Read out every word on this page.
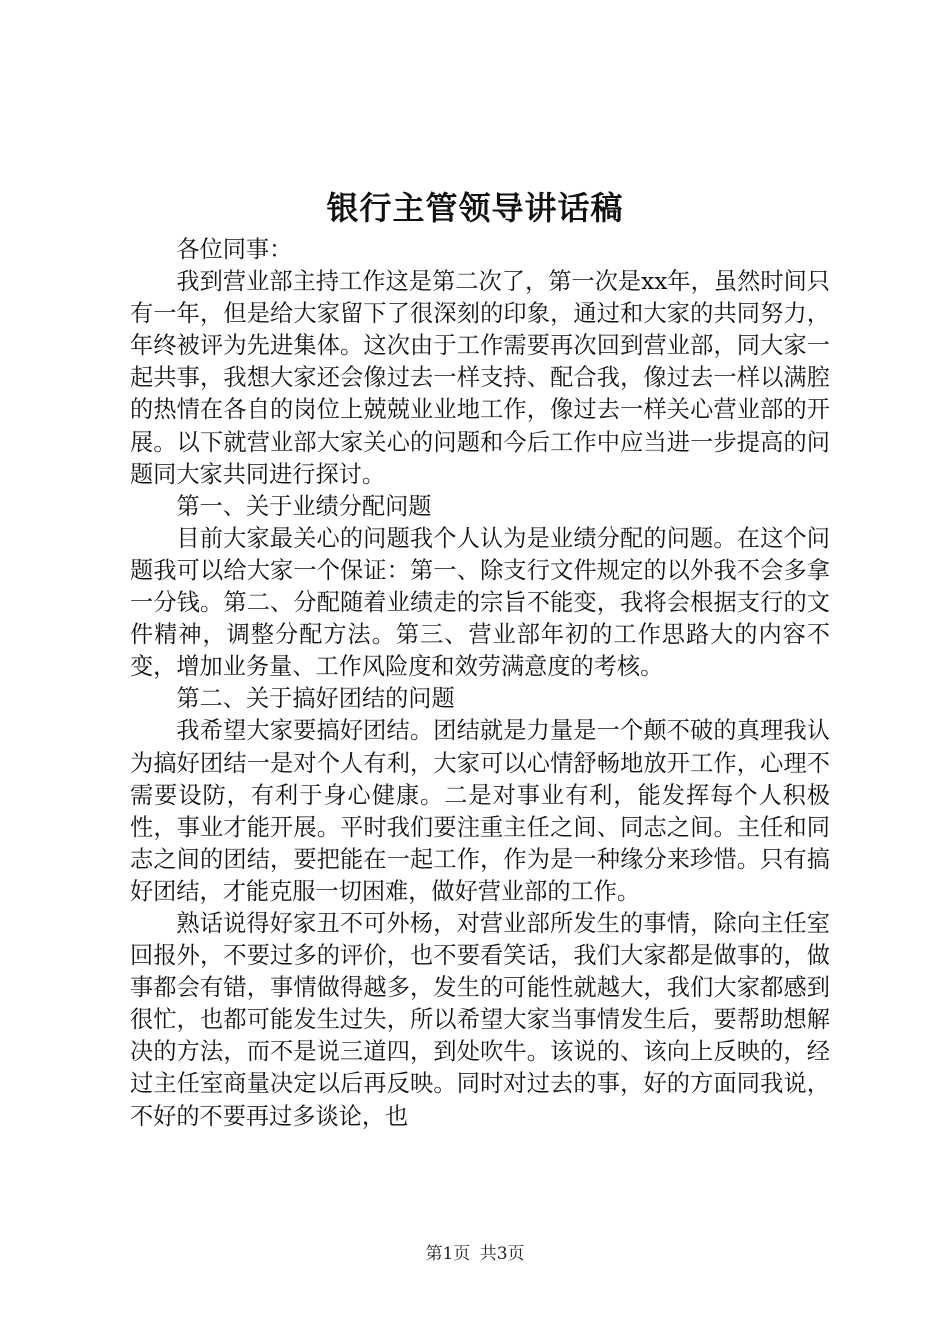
银行主管领导讲话稿

各位同事：

我到营业部主持工作这是第二次了，第一次是xx年，虽然时间只有一年，但是给大家留下了很深刻的印象，通过和大家的共同努力，年终被评为先进集体。这次由于工作需要再次回到营业部，同大家一起共事，我想大家还会像过去一样支持、配合我，像过去一样以满腔的热情在各自的岗位上兢兢业业地工作，像过去一样关心营业部的开展。以下就营业部大家关心的问题和今后工作中应当进一步提高的问题同大家共同进行探讨。

第一、关于业绩分配问题

目前大家最关心的问题我个人认为是业绩分配的问题。在这个问题我可以给大家一个保证：第一、除支行文件规定的以外我不会多拿一分钱。第二、分配随着业绩走的宗旨不能变，我将会根据支行的文件精神，调整分配方法。第三、营业部年初的工作思路大的内容不变，增加业务量、工作风险度和效劳满意度的考核。

第二、关于搞好团结的问题

我希望大家要搞好团结。团结就是力量是一个颠不破的真理我认为搞好团结一是对个人有利，大家可以心情舒畅地放开工作，心理不需要设防，有利于身心健康。二是对事业有利，能发挥每个人积极性，事业才能开展。平时我们要注重主任之间、同志之间。主任和同志之间的团结，要把能在一起工作，作为是一种缘分来珍惜。只有搞好团结，才能克服一切困难，做好营业部的工作。

熟话说得好家丑不可外杨，对营业部所发生的事情，除向主任室回报外，不要过多的评价，也不要看笑话，我们大家都是做事的，做事都会有错，事情做得越多，发生的可能性就越大，我们大家都感到很忙，也都可能发生过失，所以希望大家当事情发生后，要帮助想解决的方法，而不是说三道四，到处吹牛。该说的、该向上反映的，经过主任室商量决定以后再反映。同时对过去的事，好的方面同我说，不好的不要再过多谈论，也

第1页 共3页
